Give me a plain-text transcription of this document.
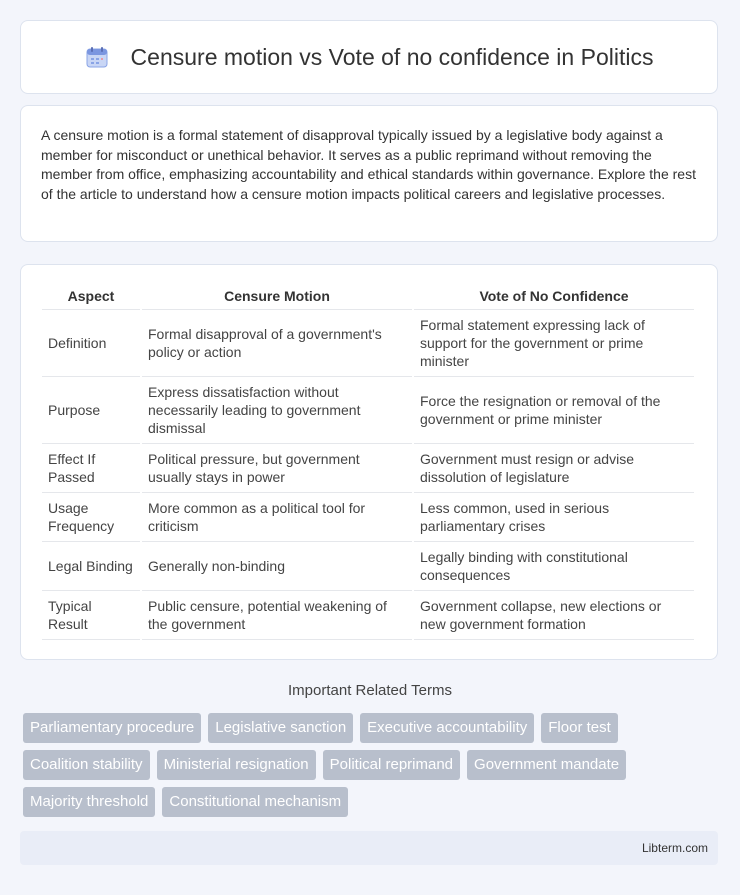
Censure motion vs Vote of no confidence in Politics

A censure motion is a formal statement of disapproval typically issued by a legislative body against a member for misconduct or unethical behavior. It serves as a public reprimand without removing the member from office, emphasizing accountability and ethical standards within governance. Explore the rest of the article to understand how a censure motion impacts political careers and legislative processes.

Aspect	Censure Motion	Vote of No Confidence
Definition	Formal disapproval of a government's policy or action	Formal statement expressing lack of support for the government or prime minister
Purpose	Express dissatisfaction without necessarily leading to government dismissal	Force the resignation or removal of the government or prime minister
Effect If Passed	Political pressure, but government usually stays in power	Government must resign or advise dissolution of legislature
Usage Frequency	More common as a political tool for criticism	Less common, used in serious parliamentary crises
Legal Binding	Generally non-binding	Legally binding with constitutional consequences
Typical Result	Public censure, potential weakening of the government	Government collapse, new elections or new government formation
Important Related Terms
Parliamentary procedure	Legislative sanction	Executive accountability	Floor test
Coalition stability	Ministerial resignation	Political reprimand	Government mandate
Majority threshold	Constitutional mechanism
Libterm.com
